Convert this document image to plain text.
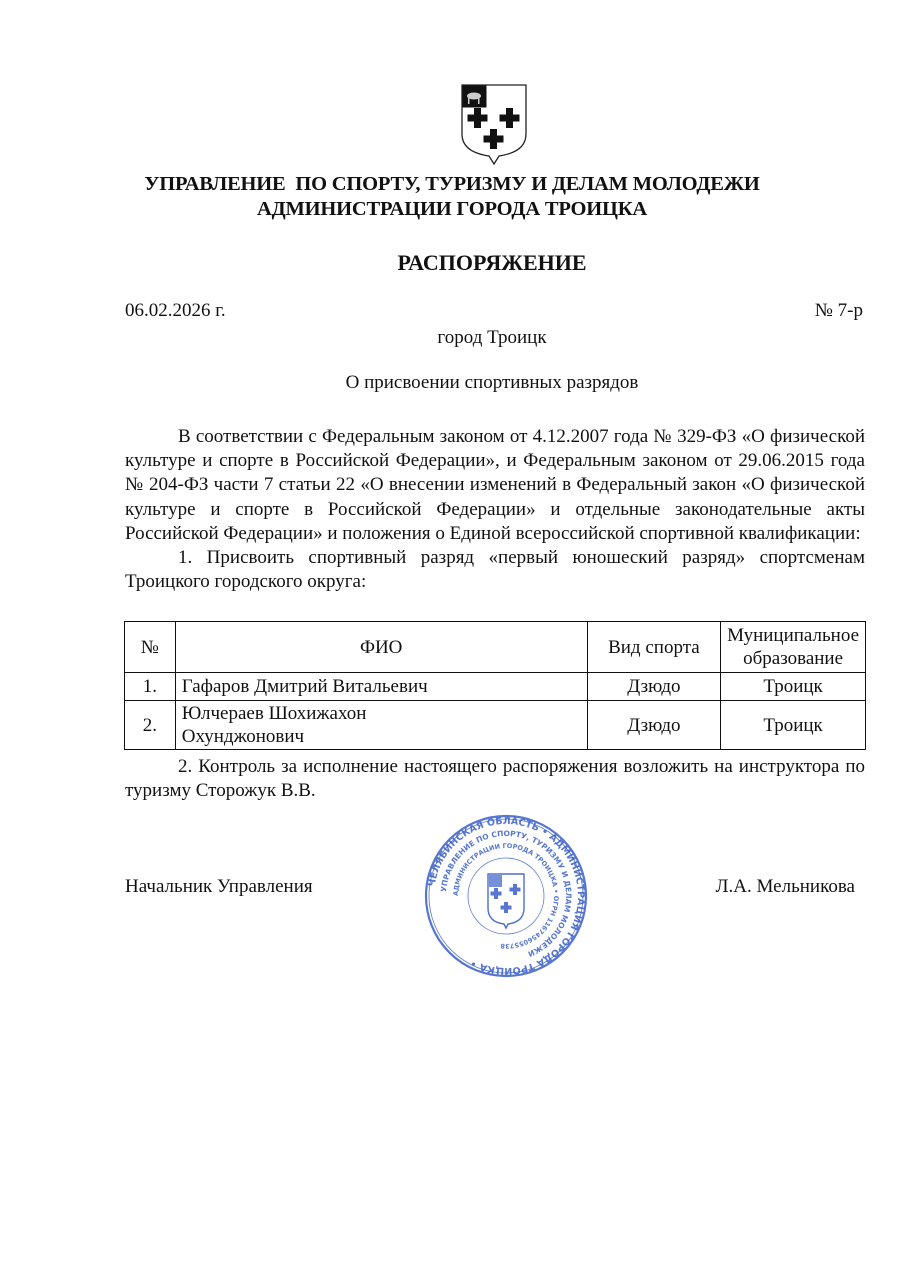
УПРАВЛЕНИЕ  ПО СПОРТУ, ТУРИЗМУ И ДЕЛАМ МОЛОДЕЖИ
АДМИНИСТРАЦИИ ГОРОДА ТРОИЦКА
РАСПОРЯЖЕНИЕ
06.02.2026 г.	№ 7-р
город Троицк
О присвоении спортивных разрядов

В соответствии с Федеральным законом от 4.12.2007 года № 329-ФЗ «О физической культуре и спорте в Российской Федерации», и Федеральным законом от 29.06.2015 года № 204-ФЗ части 7 статьи 22 «О внесении изменений в Федеральный закон «О физической культуре и спорте в Российской Федерации» и отдельные законодательные акты Российской Федерации» и положения о Единой всероссийской спортивной квалификации:

1. Присвоить спортивный разряд «первый юношеский разряд» спортсменам Троицкого городского округа:

№	ФИО	Вид спорта	Муниципальное образование
1.	Гафаров Дмитрий Витальевич	Дзюдо	Троицк
2.	Юлчераев Шохижахон Охунджонович	Дзюдо	Троицк

2. Контроль за исполнение настоящего распоряжения возложить на инструктора по туризму Сторожук В.В.

Начальник Управления	Л.А. Мельникова
ЧЕЛЯБИНСКАЯ ОБЛАСТЬ • АДМИНИСТРАЦИЯ ГОРОДА ТРОИЦКА •
УПРАВЛЕНИЕ ПО СПОРТУ, ТУРИЗМУ И ДЕЛАМ МОЛОДЕЖИ
АДМИНИСТРАЦИИ ГОРОДА ТРОИЦКА • ОГРН 1167456055738
